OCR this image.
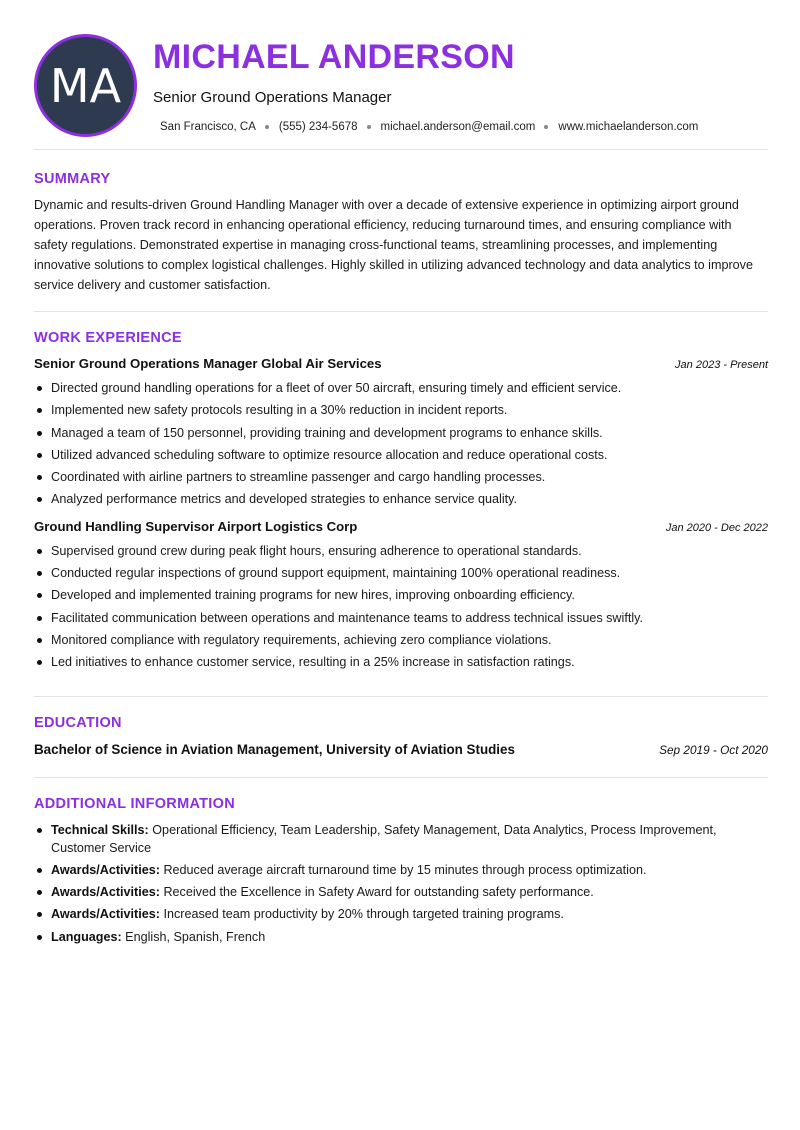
MA
MICHAEL ANDERSON
Senior Ground Operations Manager
San Francisco, CA (555) 234-5678 michael.anderson@email.com www.michaelanderson.com
SUMMARY

Dynamic and results-driven Ground Handling Manager with over a decade of extensive experience in optimizing airport ground operations. Proven track record in enhancing operational efficiency, reducing turnaround times, and ensuring compliance with safety regulations. Demonstrated expertise in managing cross-functional teams, streamlining processes, and implementing innovative solutions to complex logistical challenges. Highly skilled in utilizing advanced technology and data analytics to improve service delivery and customer satisfaction.

WORK EXPERIENCE
Senior Ground Operations Manager Global Air Services	Jan 2023 - Present
Directed ground handling operations for a fleet of over 50 aircraft, ensuring timely and efficient service.
Implemented new safety protocols resulting in a 30% reduction in incident reports.
Managed a team of 150 personnel, providing training and development programs to enhance skills.
Utilized advanced scheduling software to optimize resource allocation and reduce operational costs.
Coordinated with airline partners to streamline passenger and cargo handling processes.
Analyzed performance metrics and developed strategies to enhance service quality.
Ground Handling Supervisor Airport Logistics Corp	Jan 2020 - Dec 2022
Supervised ground crew during peak flight hours, ensuring adherence to operational standards.
Conducted regular inspections of ground support equipment, maintaining 100% operational readiness.
Developed and implemented training programs for new hires, improving onboarding efficiency.
Facilitated communication between operations and maintenance teams to address technical issues swiftly.
Monitored compliance with regulatory requirements, achieving zero compliance violations.
Led initiatives to enhance customer service, resulting in a 25% increase in satisfaction ratings.
EDUCATION
Bachelor of Science in Aviation Management, University of Aviation Studies	Sep 2019 - Oct 2020
ADDITIONAL INFORMATION
Technical Skills: Operational Efficiency, Team Leadership, Safety Management, Data Analytics, Process Improvement, Customer Service
Awards/Activities: Reduced average aircraft turnaround time by 15 minutes through process optimization.
Awards/Activities: Received the Excellence in Safety Award for outstanding safety performance.
Awards/Activities: Increased team productivity by 20% through targeted training programs.
Languages: English, Spanish, French
